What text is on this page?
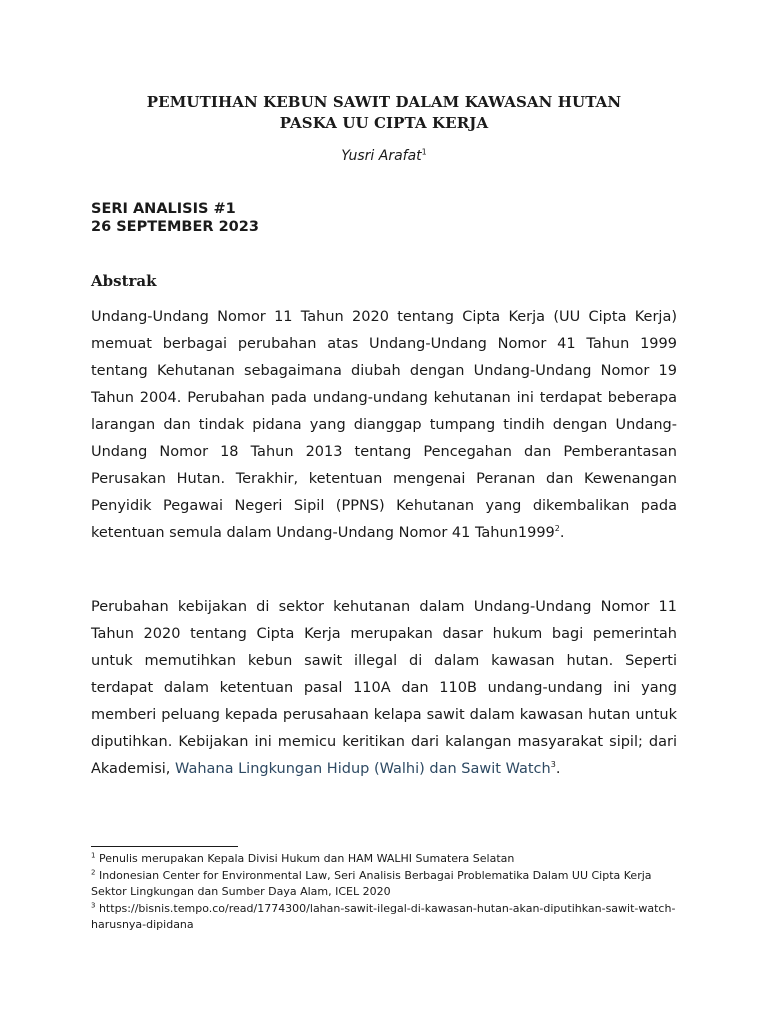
PEMUTIHAN KEBUN SAWIT DALAM KAWASAN HUTAN
PASKA UU CIPTA KERJA
Yusri Arafat$^1$
SERI ANALISIS #1
26 SEPTEMBER 2023
Abstrak

Undang-Undang Nomor 11 Tahun 2020 tentang Cipta Kerja (UU Cipta Kerja) memuat berbagai perubahan atas Undang-Undang Nomor 41 Tahun 1999 tentang Kehutanan sebagaimana diubah dengan Undang-Undang Nomor 19 Tahun 2004. Perubahan pada undang-undang kehutanan ini terdapat beberapa larangan dan tindak pidana yang dianggap tumpang tindih dengan Undang-Undang Nomor 18 Tahun 2013 tentang Pencegahan dan Pemberantasan Perusakan Hutan. Terakhir, ketentuan mengenai Peranan dan Kewenangan Penyidik Pegawai Negeri Sipil (PPNS) Kehutanan yang dikembalikan pada ketentuan semula dalam Undang-Undang Nomor 41 Tahun1999$^2$.

Perubahan kebijakan di sektor kehutanan dalam Undang-Undang Nomor 11 Tahun 2020 tentang Cipta Kerja merupakan dasar hukum bagi pemerintah untuk memutihkan kebun sawit illegal di dalam kawasan hutan. Seperti terdapat dalam ketentuan pasal 110A dan 110B undang-undang ini yang memberi peluang kepada perusahaan kelapa sawit dalam kawasan hutan untuk diputihkan. Kebijakan ini memicu keritikan dari kalangan masyarakat sipil; dari Akademisi, Wahana Lingkungan Hidup (Walhi) dan Sawit Watch$^3$.

$^1$ Penulis merupakan Kepala Divisi Hukum dan HAM WALHI Sumatera Selatan

$^2$ Indonesian Center for Environmental Law, Seri Analisis Berbagai Problematika Dalam UU Cipta Kerja Sektor Lingkungan dan Sumber Daya Alam, ICEL 2020

$^3$ https://bisnis.tempo.co/read/1774300/lahan-sawit-ilegal-di-kawasan-hutan-akan-diputihkan-sawit-watch-harusnya-dipidana
